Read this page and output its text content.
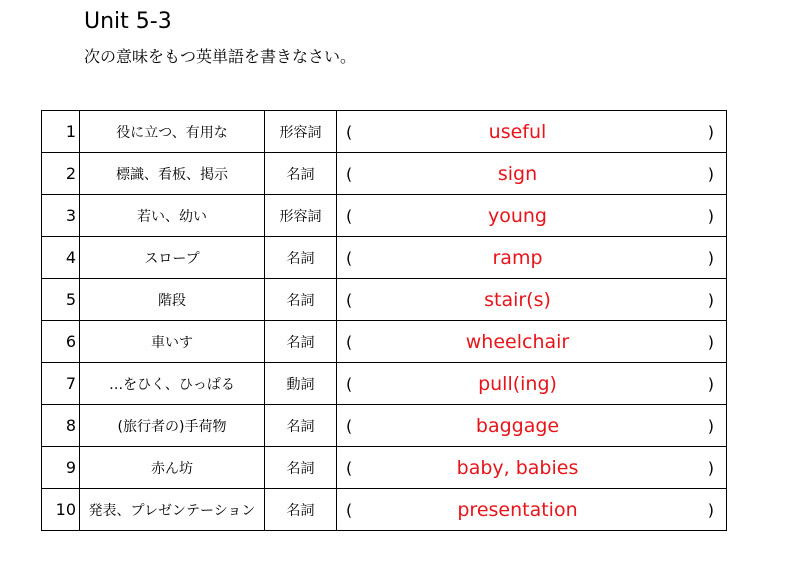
Unit 5-3
次の意味をもつ英単語を書きなさい。
1	役に立つ、有用な	形容詞	( useful )

2	標識、看板、掲示	名詞	( sign )

3	若い、幼い	形容詞	( young )

4	スロープ	名詞	( ramp )

5	階段	名詞	( stair(s) )

6	車いす	名詞	( wheelchair )

7	…をひく、ひっぱる	動詞	( pull(ing) )

8	(旅行者の)手荷物	名詞	( baggage )

9	赤ん坊	名詞	( baby, babies )

10	発表、プレゼンテーション	名詞	( presentation )
